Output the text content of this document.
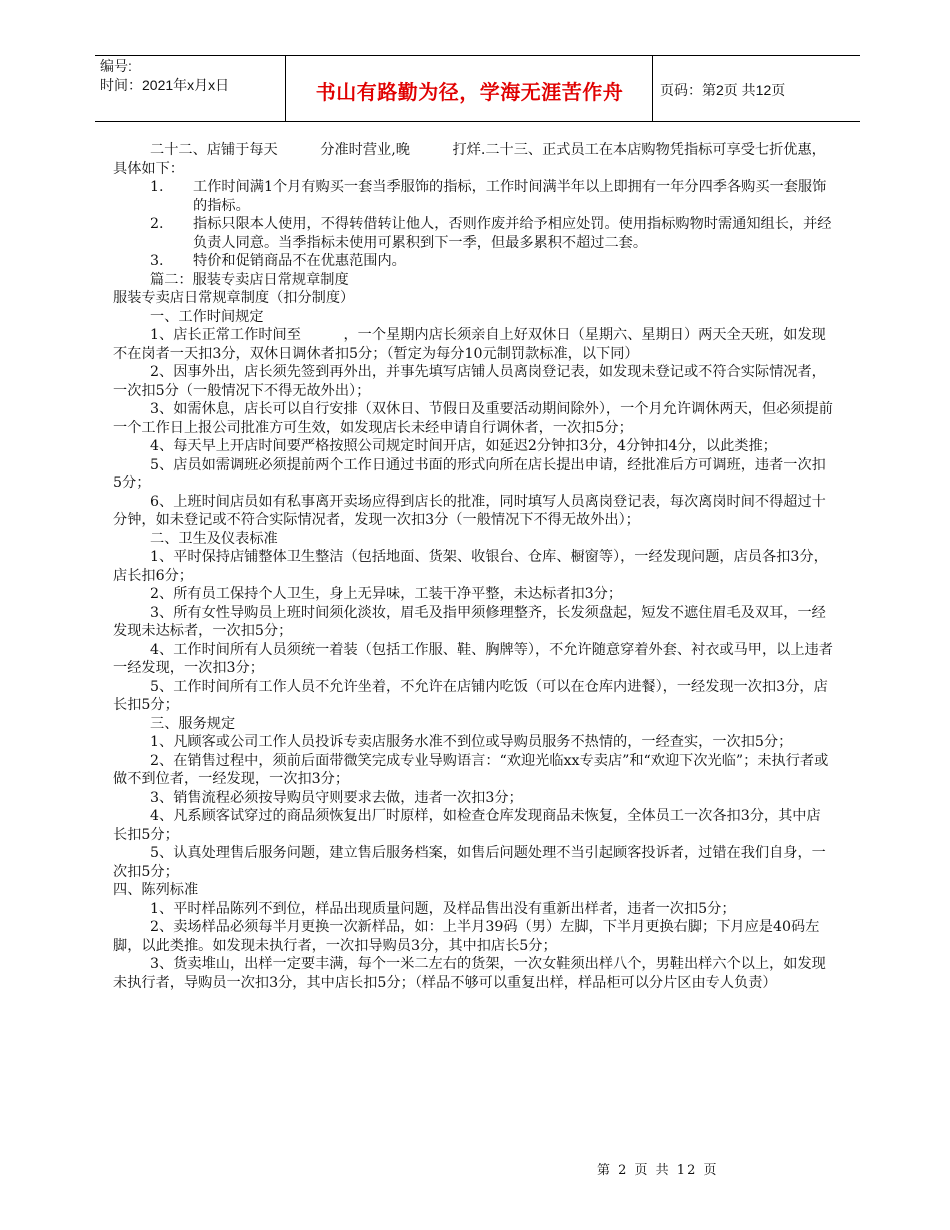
编号:
时间：2021年x月x日	书山有路勤为径，学海无涯苦作舟	页码：第2页 共12页

二十二、店铺于每天　　　分准时营业,晚　　　打烊.二十三、正式员工在本店购物凭指标可享受七折优惠，

具体如下：

1.	工作时间满1个月有购买一套当季服饰的指标，工作时间满半年以上即拥有一年分四季各购买一套服饰的指标。
2.	指标只限本人使用，不得转借转让他人，否则作废并给予相应处罚。使用指标购物时需通知组长，并经负责人同意。当季指标未使用可累积到下一季，但最多累积不超过二套。
3.	特价和促销商品不在优惠范围内。

篇二：服装专卖店日常规章制度

服装专卖店日常规章制度（扣分制度）

一、工作时间规定

1、店长正常工作时间至　　　，一个星期内店长须亲自上好双休日（星期六、星期日）两天全天班，如发现不在岗者一天扣3分，双休日调休者扣5分；（暂定为每分10元制罚款标准，以下同）

2、因事外出，店长须先签到再外出，并事先填写店铺人员离岗登记表，如发现未登记或不符合实际情况者，一次扣5分（一般情况下不得无故外出）；

3、如需休息，店长可以自行安排（双休日、节假日及重要活动期间除外），一个月允许调休两天，但必须提前一个工作日上报公司批准方可生效，如发现店长未经申请自行调休者，一次扣5分；

4、每天早上开店时间要严格按照公司规定时间开店，如延迟2分钟扣3分，4分钟扣4分，以此类推；

5、店员如需调班必须提前两个工作日通过书面的形式向所在店长提出申请，经批准后方可调班，违者一次扣5分；

6、上班时间店员如有私事离开卖场应得到店长的批准，同时填写人员离岗登记表，每次离岗时间不得超过十分钟，如未登记或不符合实际情况者，发现一次扣3分（一般情况下不得无故外出）；

二、卫生及仪表标准

1、平时保持店铺整体卫生整洁（包括地面、货架、收银台、仓库、橱窗等），一经发现问题，店员各扣3分，店长扣6分；

2、所有员工保持个人卫生，身上无异味，工装干净平整，未达标者扣3分；

3、所有女性导购员上班时间须化淡妆，眉毛及指甲须修理整齐，长发须盘起，短发不遮住眉毛及双耳，一经发现未达标者，一次扣5分；

4、工作时间所有人员须统一着装（包括工作服、鞋、胸牌等），不允许随意穿着外套、衬衣或马甲，以上违者一经发现，一次扣3分；

5、工作时间所有工作人员不允许坐着，不允许在店铺内吃饭（可以在仓库内进餐），一经发现一次扣3分，店长扣5分；

三、服务规定

1、凡顾客或公司工作人员投诉专卖店服务水准不到位或导购员服务不热情的，一经查实，一次扣5分；

2、在销售过程中，须前后面带微笑完成专业导购语言：“欢迎光临xx专卖店”和“欢迎下次光临”；未执行者或做不到位者，一经发现，一次扣3分；

3、销售流程必须按导购员守则要求去做，违者一次扣3分；

4、凡系顾客试穿过的商品须恢复出厂时原样，如检查仓库发现商品未恢复，全体员工一次各扣3分，其中店长扣5分；

5、认真处理售后服务问题，建立售后服务档案，如售后问题处理不当引起顾客投诉者，过错在我们自身，一次扣5分；

四、陈列标准

1、平时样品陈列不到位，样品出现质量问题，及样品售出没有重新出样者，违者一次扣5分；

2、卖场样品必须每半月更换一次新样品，如：上半月39码（男）左脚，下半月更换右脚；下月应是40码左脚，以此类推。如发现未执行者，一次扣导购员3分，其中扣店长5分；

3、货卖堆山，出样一定要丰满，每个一米二左右的货架，一次女鞋须出样八个，男鞋出样六个以上，如发现未执行者，导购员一次扣3分，其中店长扣5分；（样品不够可以重复出样，样品柜可以分片区由专人负责）

第 2 页 共 12 页
